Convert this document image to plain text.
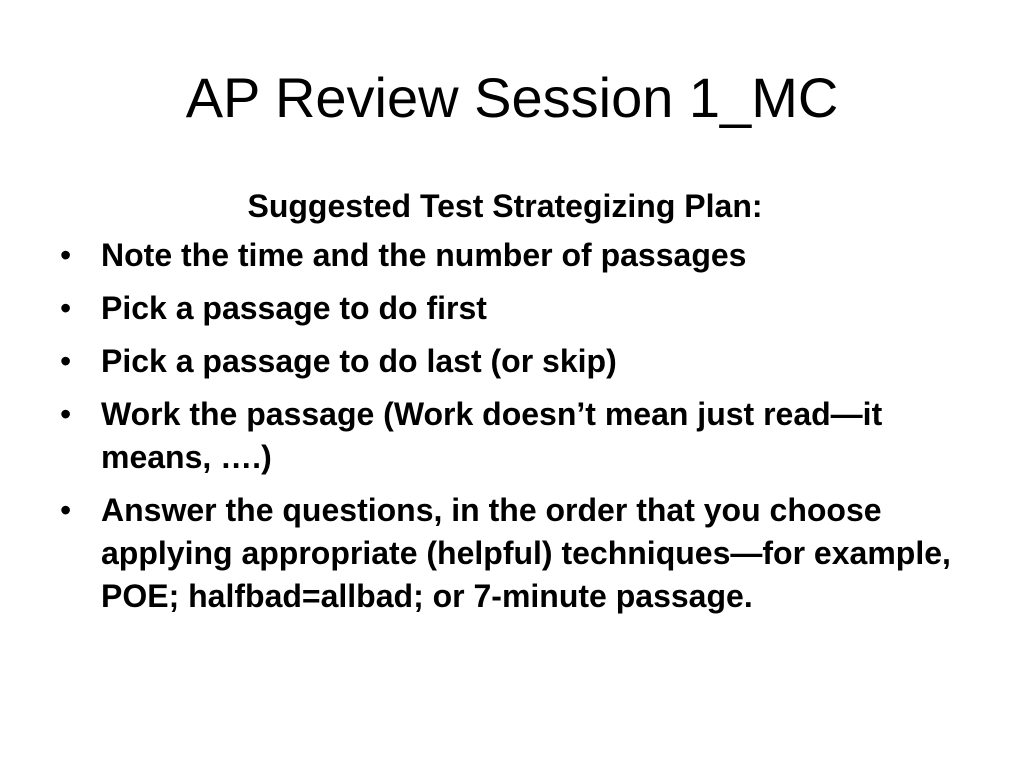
AP Review Session 1_MC

Suggested Test Strategizing Plan:

• Note the time and the number of passages
• Pick a passage to do first
• Pick a passage to do last (or skip)
• Work the passage (Work doesn’t mean just read—it means, ….)
• Answer the questions, in the order that you choose applying appropriate (helpful) techniques—for example, POE; halfbad=allbad; or 7-minute passage.
